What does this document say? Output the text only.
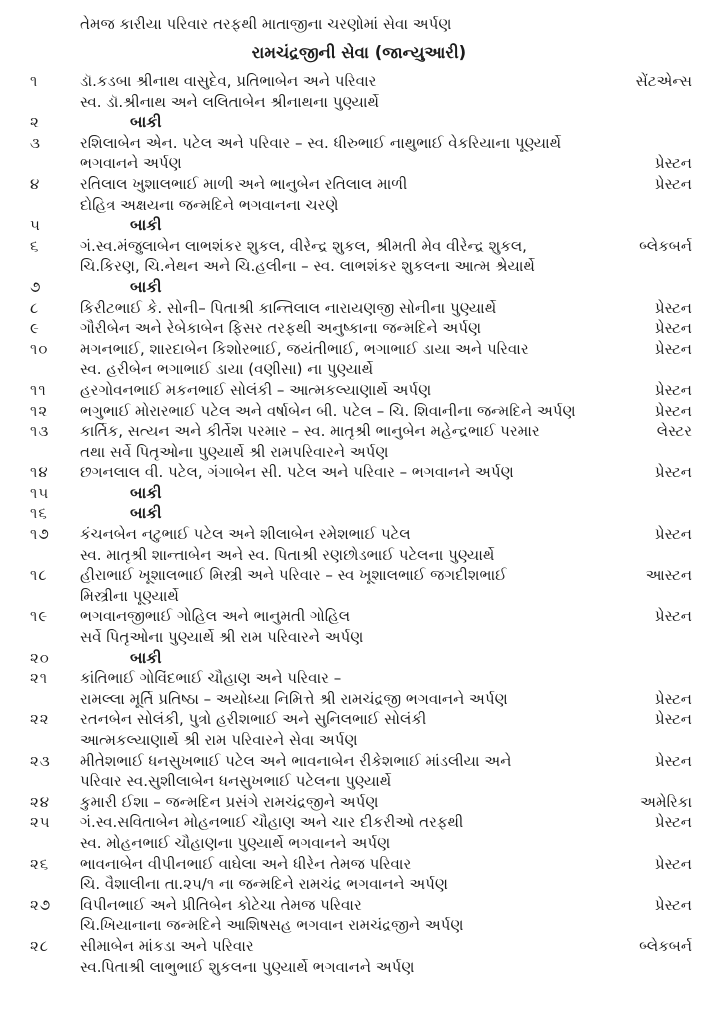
તેમજ કારીયા પરિવાર તરફથી માતાજીના ચરણોમાં સેવા અર્પણ
રામચંદ્રજીની સેવા (જાન્યુઆરી)
૧	ડૉ.કડબા શ્રીનાથ વાસુદેવ, પ્રતિભાબેન અને પરિવાર	સેંટએન્સ
સ્વ. ડૉ.શ્રીનાથ અને લલિતાબેન શ્રીનાથના પુણ્યાર્થે
૨	બાકી
૩	રશિલાબેન એન. પટેલ અને પરિવાર – સ્વ. ધીરુભાઈ નાથુભાઈ વેકરિયાના પૂણ્યાર્થે
ભગવાનને અર્પણ	પ્રેસ્ટન
૪	રતિલાલ ખુશાલભાઈ માળી અને ભાનુબેન રતિલાલ માળી	પ્રેસ્ટન
દોહિત્ર અક્ષયના જન્મદિને ભગવાનના ચરણે
૫	બાકી
૬	ગં.સ્વ.મંજુલાબેન લાભશંકર શુકલ, વીરેન્દ્ર શુકલ, શ્રીમતી મેવ વીરેન્દ્ર શુકલ,	બ્લેકબર્ન
ચિ.કિરણ, ચિ.નેથન અને ચિ.હલીના – સ્વ. લાભશંકર શુકલના આત્મ શ્રેયાર્થે
૭	બાકી
૮	કિરીટભાઈ કે. સોની– પિતાશ્રી કાન્તિલાલ નારાયણજી સોનીના પુણ્યાર્થે	પ્રેસ્ટન
૯	ગૌરીબેન અને રેબેકાબેન ફિસર તરફથી અનુષ્કાના જન્મદિને અર્પણ	પ્રેસ્ટન
૧૦	મગનભાઈ, શારદાબેન કિશોરભાઈ, જયંતીભાઈ, ભગાભાઈ ડાયા અને પરિવાર	પ્રેસ્ટન
સ્વ. હરીબેન ભગાભાઈ ડાયા (વણીસા) ના પુણ્યાર્થે
૧૧	હરગોવનભાઈ મકનભાઈ સોલંકી – આત્મકલ્યાણાર્થે અર્પણ	પ્રેસ્ટન
૧૨	ભગુભાઈ મોરારભાઈ પટેલ અને વર્ષાબેન બી. પટેલ – ચિ. શિવાનીના જન્મદિને અર્પણ	પ્રેસ્ટન
૧૩	કાર્તિક, સત્યન અને કીર્તેશ પરમાર – સ્વ. માતૃશ્રી ભાનુબેન મહેન્દ્રભાઈ પરમાર	લેસ્ટર
તથા સર્વે પિતૃઓના પુણ્યાર્થે શ્રી રામપરિવારને અર્પણ
૧૪	છગનલાલ વી. પટેલ, ગંગાબેન સી. પટેલ અને પરિવાર – ભગવાનને અર્પણ	પ્રેસ્ટન
૧૫	બાકી
૧૬	બાકી
૧૭	કંચનબેન નટુભાઈ પટેલ અને શીલાબેન રમેશભાઈ પટેલ	પ્રેસ્ટન
સ્વ. માતૃશ્રી શાન્તાબેન અને સ્વ. પિતાશ્રી રણછોડભાઈ પટેલના પુણ્યાર્થે
૧૮	હીરાભાઈ ખૂશાલભાઈ મિસ્ત્રી અને પરિવાર – સ્વ ખૂશાલભાઈ જગદીશભાઈ	આસ્ટન
મિસ્ત્રીના પૂણ્યાર્થે
૧૯	ભગવાનજીભાઈ ગોહિલ અને ભાનુમતી ગોહિલ	પ્રેસ્ટન
સર્વે પિતૃઓના પુણ્યાર્થે શ્રી રામ પરિવારને અર્પણ
૨૦	બાકી
૨૧	કાંતિભાઈ ગોવિંદભાઈ ચૌહાણ અને પરિવાર –
રામલ્લા મૂર્તિ પ્રતિષ્ઠા – અયોધ્યા નિમિત્તે શ્રી રામચંદ્રજી ભગવાનને અર્પણ	પ્રેસ્ટન
૨૨	રતનબેન સોલંકી, પુત્રો હરીશભાઈ અને સુનિલભાઈ સોલંકી	પ્રેસ્ટન
આત્મકલ્યાણાર્થે શ્રી રામ પરિવારને સેવા અર્પણ
૨૩	મીતેશભાઈ ધનસુખભાઈ પટેલ અને ભાવનાબેન રીકેશભાઈ માંડલીયા અને	પ્રેસ્ટન
પરિવાર સ્વ.સુશીલાબેન ધનસુખભાઈ પટેલના પુણ્યાર્થે
૨૪	કુમારી ઈશા – જન્મદિન પ્રસંગે રામચંદ્રજીને અર્પણ	અમેરિકા
૨૫	ગં.સ્વ.સવિતાબેન મોહનભાઈ ચૌહાણ અને ચાર દીકરીઓ તરફથી	પ્રેસ્ટન
સ્વ. મોહનભાઈ ચૌહાણના પુણ્યાર્થે ભગવાનને અર્પણ
૨૬	ભાવનાબેન વીપીનભાઈ વાઘેલા અને ધીરેન તેમજ પરિવાર	પ્રેસ્ટન
ચિ. વૈશાલીના તા.૨૫/૧ ના જન્મદિને રામચંદ્ર ભગવાનને અર્પણ
૨૭	વિપીનભાઈ અને પ્રીતિબેન કોટેચા તેમજ પરિવાર	પ્રેસ્ટન
ચિ.ખિયાનાના જન્મદિને આશિષસહ ભગવાન રામચંદ્રજીને અર્પણ
૨૮	સીમાબેન માંકડા અને પરિવાર	બ્લેકબર્ન
સ્વ.પિતાશ્રી લાભુભાઈ શુકલના પુણ્યાર્થે ભગવાનને અર્પણ
